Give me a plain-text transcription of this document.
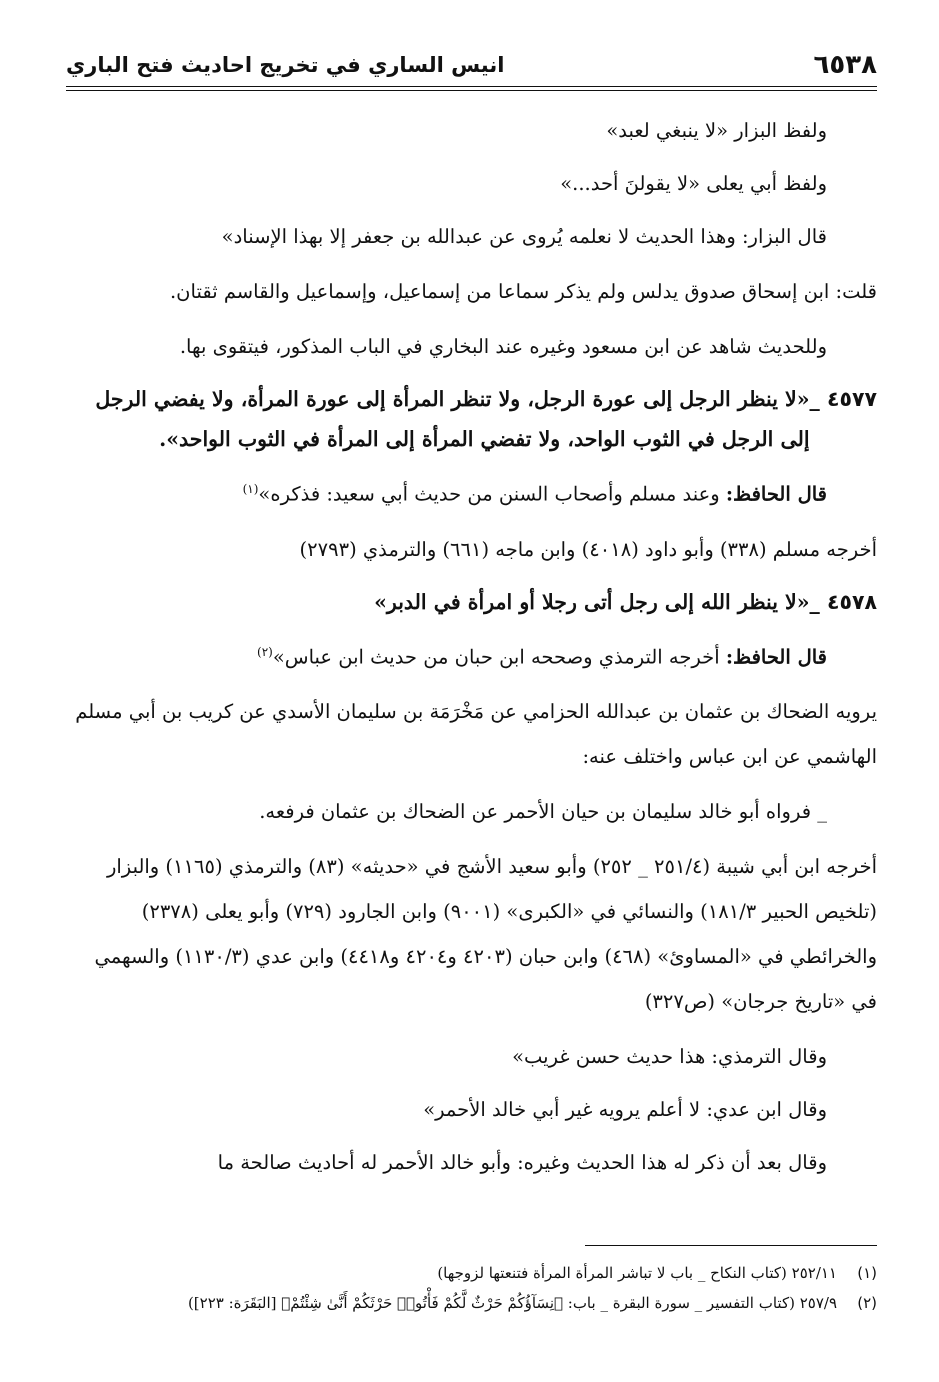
٦٥٣٨
انيس الساري في تخريج احاديث فتح الباري

ولفظ البزار «لا ينبغي لعبد»

ولفظ أبي يعلى «لا يقولنَ أحد...»

قال البزار: وهذا الحديث لا نعلمه يُروى عن عبدالله بن جعفر إلا بهذا الإسناد»

قلت: ابن إسحاق صدوق يدلس ولم يذكر سماعا من إسماعيل، وإسماعيل والقاسم ثقتان.

وللحديث شاهد عن ابن مسعود وغيره عند البخاري في الباب المذكور، فيتقوى بها.

٤٥٧٧ _
«لا ينظر الرجل إلى عورة الرجل، ولا تنظر المرأة إلى عورة المرأة، ولا يفضي الرجل إلى الرجل في الثوب الواحد، ولا تفضي المرأة إلى المرأة في الثوب الواحد».

قال الحافظ: وعند مسلم وأصحاب السنن من حديث أبي سعيد: فذكره»$^{(١)}$

أخرجه مسلم (٣٣٨) وأبو داود (٤٠١٨) وابن ماجه (٦٦١) والترمذي (٢٧٩٣)

٤٥٧٨ _
«لا ينظر الله إلى رجل أتى رجلا أو امرأة في الدبر»

قال الحافظ: أخرجه الترمذي وصححه ابن حبان من حديث ابن عباس»$^{(٢)}$

يرويه الضحاك بن عثمان بن عبدالله الحزامي عن مَخْرَمَة بن سليمان الأسدي عن كريب بن أبي مسلم الهاشمي عن ابن عباس واختلف عنه:

_ فرواه أبو خالد سليمان بن حيان الأحمر عن الضحاك بن عثمان فرفعه.

أخرجه ابن أبي شيبة (٢٥١/٤ _ ٢٥٢) وأبو سعيد الأشج في «حديثه» (٨٣) والترمذي (١١٦٥) والبزار (تلخيص الحبير ١٨١/٣) والنسائي في «الكبرى» (٩٠٠١) وابن الجارود (٧٢٩) وأبو يعلى (٢٣٧٨) والخرائطي في «المساوئ» (٤٦٨) وابن حبان (٤٢٠٣ و٤٢٠٤ و٤٤١٨) وابن عدي (١١٣٠/٣) والسهمي في «تاريخ جرجان» (ص٣٢٧)

وقال الترمذي: هذا حديث حسن غريب»

وقال ابن عدي: لا أعلم يرويه غير أبي خالد الأحمر»

وقال بعد أن ذكر له هذا الحديث وغيره: وأبو خالد الأحمر له أحاديث صالحة ما

(١)
٢٥٢/١١ (كتاب النكاح _ باب لا تباشر المرأة المرأة فتنعتها لزوجها)
(٢)
٢٥٧/٩ (كتاب التفسير _ سورة البقرة _ باب: ﴿نِسَآؤُكُمْ حَرْثٌ لَّكُمْ فَأْتُوا۟ حَرْثَكُمْ أَنَّىٰ شِئْتُمْ﴾ [البَقَرَة: ٢٢٣])
